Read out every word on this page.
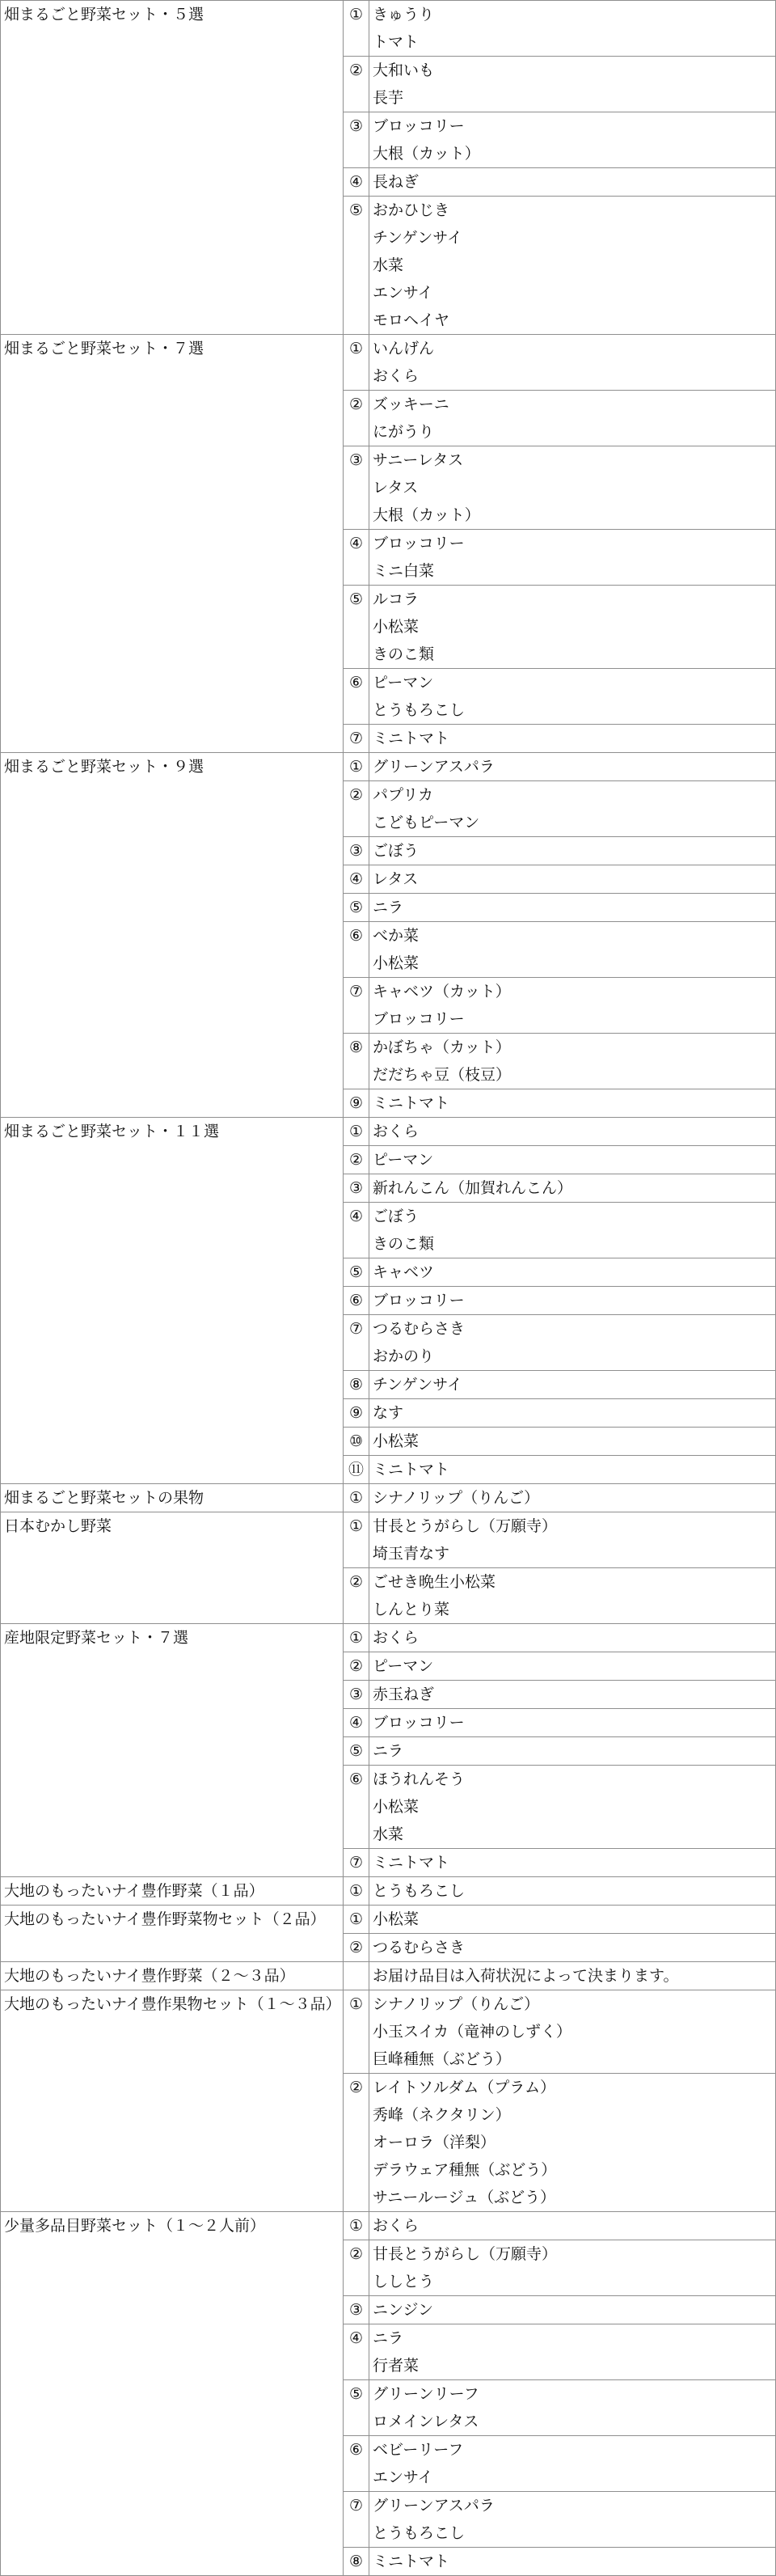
畑まるごと野菜セット・５選	①	きゅうり
トマト

	②	大和いも
長芋

	③	ブロッコリー
大根（カット）

	④	長ねぎ

	⑤	おかひじき
チンゲンサイ
水菜
エンサイ
モロヘイヤ

畑まるごと野菜セット・７選	①	いんげん
おくら

	②	ズッキーニ
にがうり

	③	サニーレタス
レタス
大根（カット）

	④	ブロッコリー
ミニ白菜

	⑤	ルコラ
小松菜
きのこ類

	⑥	ピーマン
とうもろこし

	⑦	ミニトマト

畑まるごと野菜セット・９選	①	グリーンアスパラ

	②	パプリカ
こどもピーマン

	③	ごぼう

	④	レタス

	⑤	ニラ

	⑥	べか菜
小松菜

	⑦	キャベツ（カット）
ブロッコリー

	⑧	かぼちゃ（カット）
だだちゃ豆（枝豆）

	⑨	ミニトマト

畑まるごと野菜セット・１１選	①	おくら

	②	ピーマン

	③	新れんこん（加賀れんこん）

	④	ごぼう
きのこ類

	⑤	キャベツ

	⑥	ブロッコリー

	⑦	つるむらさき
おかのり

	⑧	チンゲンサイ

	⑨	なす

	⑩	小松菜

	⑪	ミニトマト

畑まるごと野菜セットの果物	①	シナノリップ（りんご）

日本むかし野菜	①	甘長とうがらし（万願寺）
埼玉青なす

	②	ごせき晩生小松菜
しんとり菜

産地限定野菜セット・７選	①	おくら

	②	ピーマン

	③	赤玉ねぎ

	④	ブロッコリー

	⑤	ニラ

	⑥	ほうれんそう
小松菜
水菜

	⑦	ミニトマト

大地のもったいナイ豊作野菜（１品）	①	とうもろこし

大地のもったいナイ豊作野菜物セット（２品）	①	小松菜

	②	つるむらさき

大地のもったいナイ豊作野菜（２～３品）		お届け品目は入荷状況によって決まります。

大地のもったいナイ豊作果物セット（１～３品）	①	シナノリップ（りんご）
小玉スイカ（竜神のしずく）
巨峰種無（ぶどう）

	②	レイトソルダム（プラム）
秀峰（ネクタリン）
オーロラ（洋梨）
デラウェア種無（ぶどう）
サニールージュ（ぶどう）

少量多品目野菜セット（１～２人前）	①	おくら

	②	甘長とうがらし（万願寺）
ししとう

	③	ニンジン

	④	ニラ
行者菜

	⑤	グリーンリーフ
ロメインレタス

	⑥	ベビーリーフ
エンサイ

	⑦	グリーンアスパラ
とうもろこし

	⑧	ミニトマト
